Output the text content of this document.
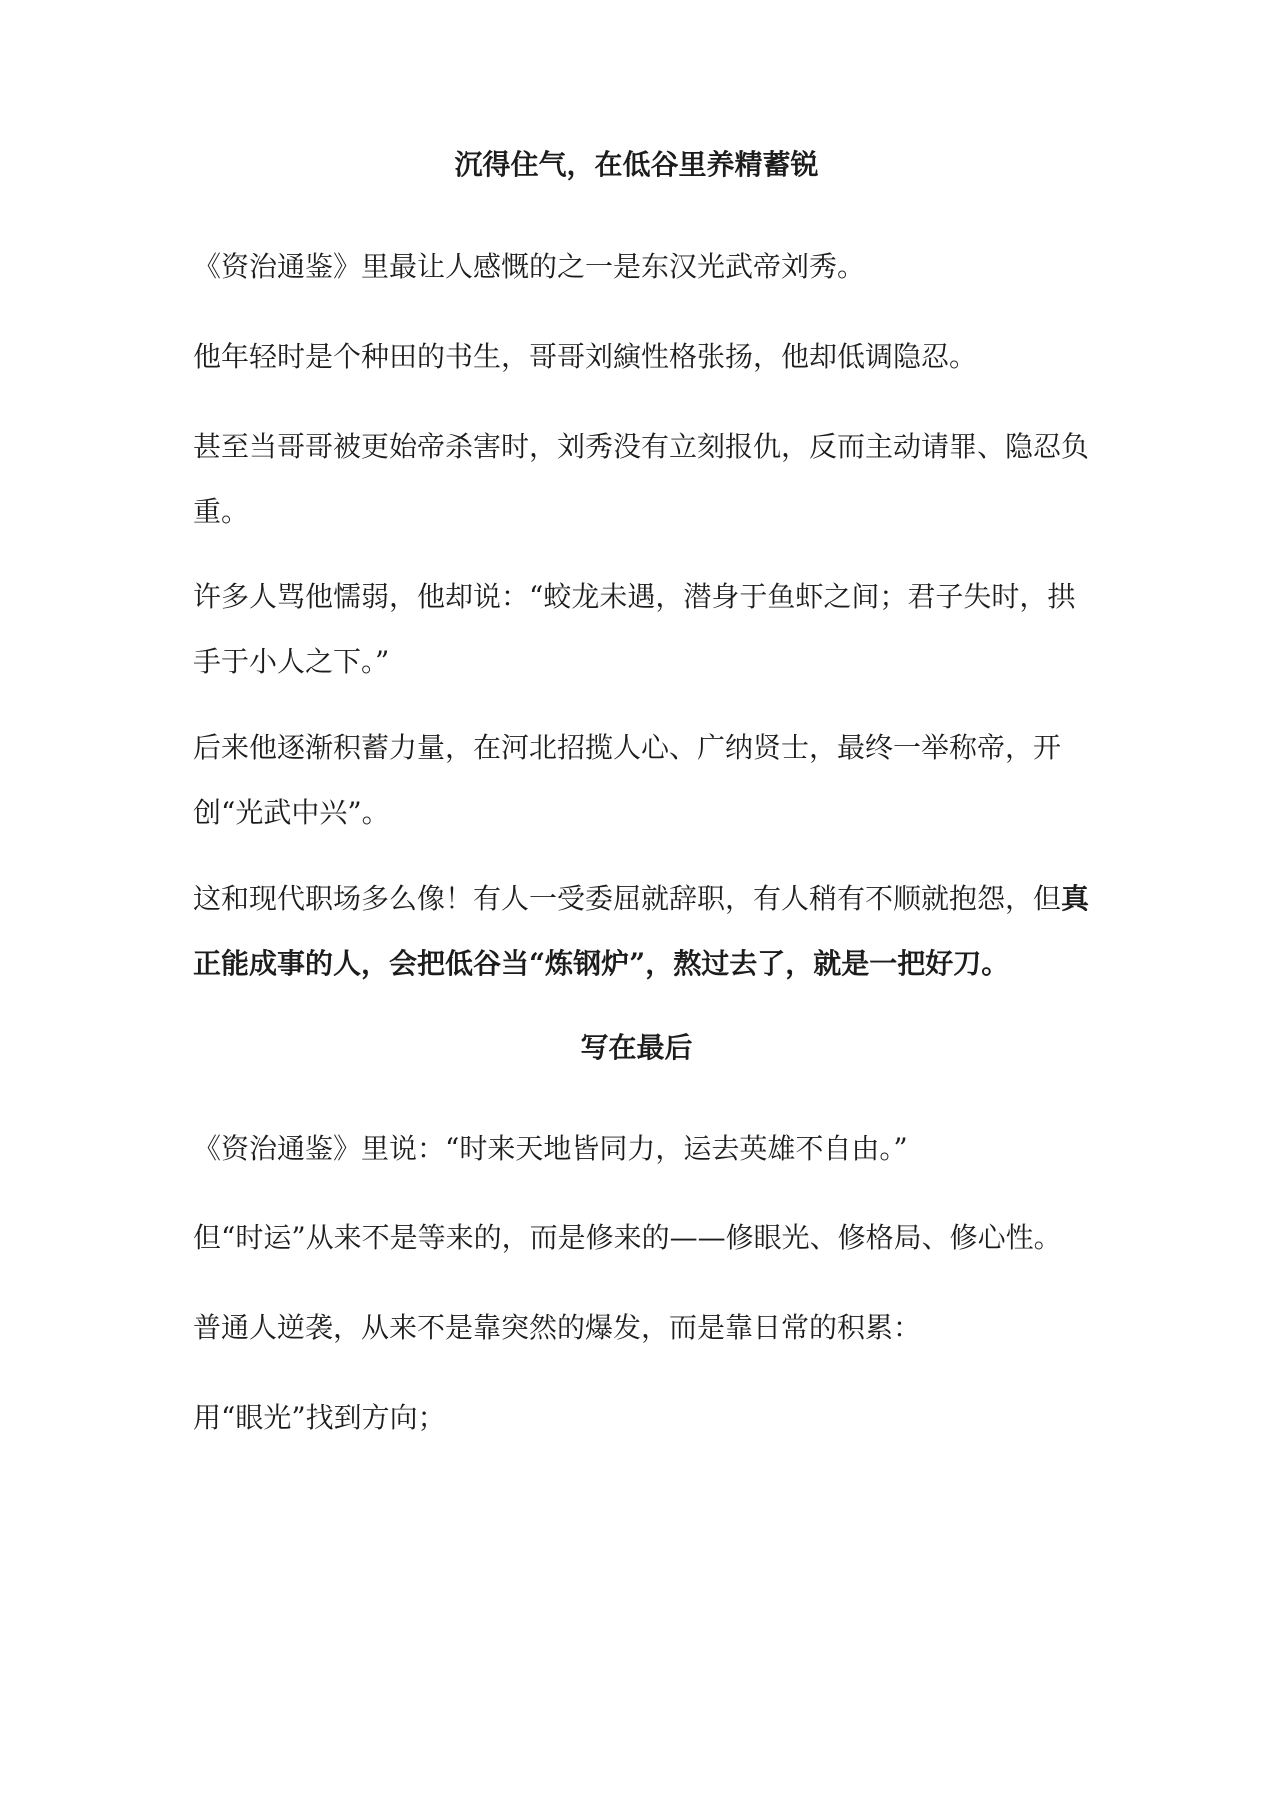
沉得住气，在低谷里养精蓄锐

《资治通鉴》里最让人感慨的之一是东汉光武帝刘秀。

他年轻时是个种田的书生，哥哥刘縯性格张扬，他却低调隐忍。

甚至当哥哥被更始帝杀害时，刘秀没有立刻报仇，反而主动请罪、隐忍负重。

许多人骂他懦弱，他却说：“蛟龙未遇，潜身于鱼虾之间；君子失时，拱手于小人之下。”

后来他逐渐积蓄力量，在河北招揽人心、广纳贤士，最终一举称帝，开创“光武中兴”。

这和现代职场多么像！有人一受委屈就辞职，有人稍有不顺就抱怨，但真正能成事的人，会把低谷当“炼钢炉”，熬过去了，就是一把好刀。

写在最后

《资治通鉴》里说：“时来天地皆同力，运去英雄不自由。”

但“时运”从来不是等来的，而是修来的——修眼光、修格局、修心性。

普通人逆袭，从来不是靠突然的爆发，而是靠日常的积累：

用“眼光”找到方向；
